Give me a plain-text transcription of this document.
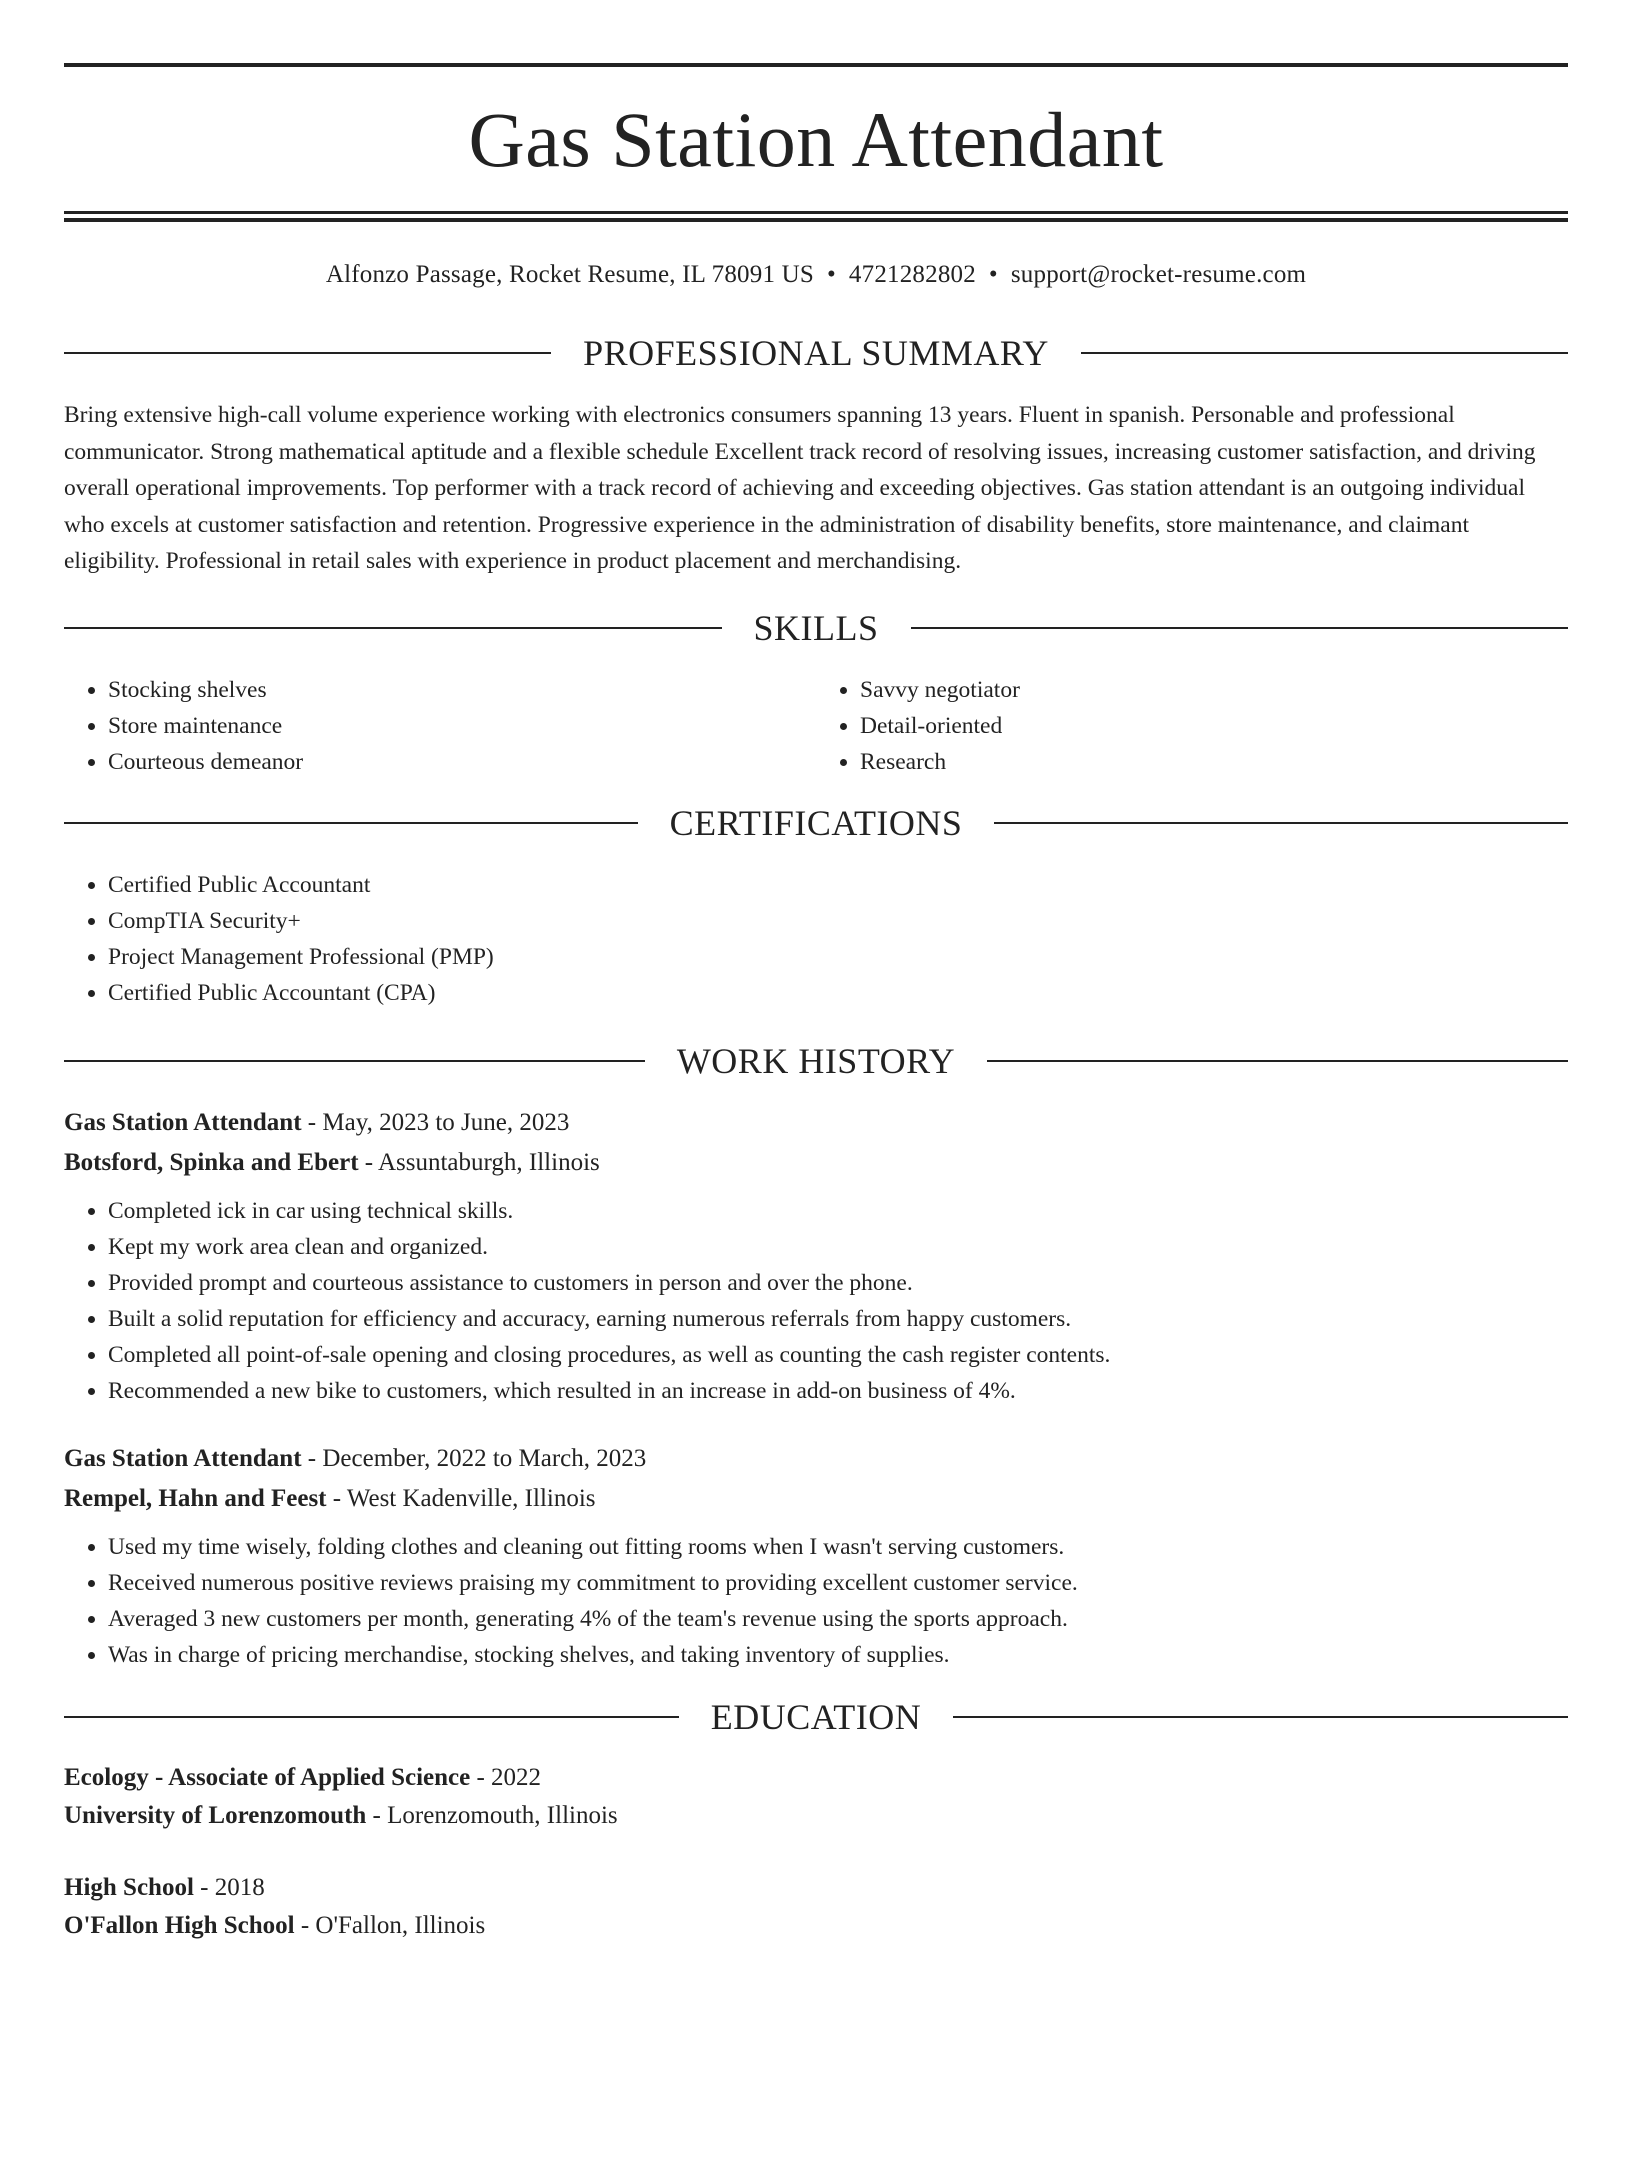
Gas Station Attendant
Alfonzo Passage, Rocket Resume, IL 78091 US • 4721282802 • support@rocket-resume.com
PROFESSIONAL SUMMARY

Bring extensive high-call volume experience working with electronics consumers spanning 13 years. Fluent in spanish. Personable and professional communicator. Strong mathematical aptitude and a flexible schedule Excellent track record of resolving issues, increasing customer satisfaction, and driving overall operational improvements. Top performer with a track record of achieving and exceeding objectives. Gas station attendant is an outgoing individual who excels at customer satisfaction and retention. Progressive experience in the administration of disability benefits, store maintenance, and claimant eligibility. Professional in retail sales with experience in product placement and merchandising.

SKILLS
• Stocking shelves
• Store maintenance
• Courteous demeanor
• Savvy negotiator
• Detail-oriented
• Research
CERTIFICATIONS
• Certified Public Accountant
• CompTIA Security+
• Project Management Professional (PMP)
• Certified Public Accountant (CPA)
WORK HISTORY
Gas Station Attendant - May, 2023 to June, 2023
Botsford, Spinka and Ebert - Assuntaburgh, Illinois
• Completed ick in car using technical skills.
• Kept my work area clean and organized.
• Provided prompt and courteous assistance to customers in person and over the phone.
• Built a solid reputation for efficiency and accuracy, earning numerous referrals from happy customers.
• Completed all point-of-sale opening and closing procedures, as well as counting the cash register contents.
• Recommended a new bike to customers, which resulted in an increase in add-on business of 4%.
Gas Station Attendant - December, 2022 to March, 2023
Rempel, Hahn and Feest - West Kadenville, Illinois
• Used my time wisely, folding clothes and cleaning out fitting rooms when I wasn't serving customers.
• Received numerous positive reviews praising my commitment to providing excellent customer service.
• Averaged 3 new customers per month, generating 4% of the team's revenue using the sports approach.
• Was in charge of pricing merchandise, stocking shelves, and taking inventory of supplies.
EDUCATION
Ecology - Associate of Applied Science - 2022
University of Lorenzomouth - Lorenzomouth, Illinois
High School - 2018
O'Fallon High School - O'Fallon, Illinois
